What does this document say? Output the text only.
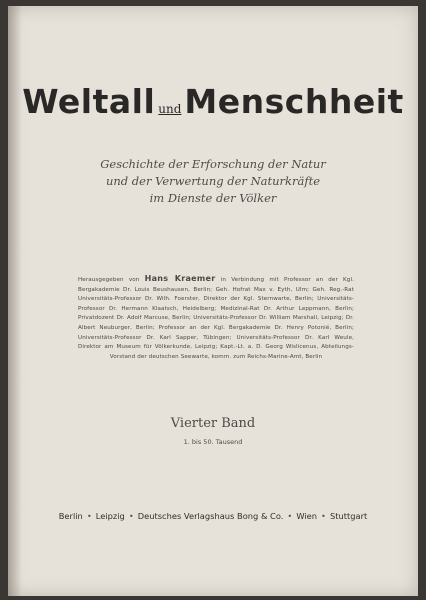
Weltall undMenschheit
Geschichte der Erforschung der Natur
und der Verwertung der Naturkräfte
im Dienste der Völker
Herausgegeben von Hans Kraemer in Verbindung mit Professor an der Kgl. Bergakademie Dr. Louis Beushausen, Berlin; Geh. Hofrat Max v. Eyth, Ulm; Geh. Reg.-Rat Universitäts-Professor Dr. Wilh. Foerster, Direktor der Kgl. Sternwarte, Berlin; Universitäts-Professor Dr. Hermann Klaatsch, Heidelberg; Medizinal-Rat Dr. Arthur Leppmann, Berlin; Privatdozent Dr. Adolf Marcuse, Berlin; Universitäts-Professor Dr. William Marshall, Leipzig; Dr. Albert Neuburger, Berlin; Professor an der Kgl. Bergakademie Dr. Henry Potonié, Berlin; Universitäts-Professor Dr. Karl Sapper, Tübingen; Universitäts-Professor Dr. Karl Weule, Direktor am Museum für Völkerkunde, Leipzig; Kapt.-Lt. a. D. Georg Wislicenus, Abteilungs-Vorstand der deutschen Seewarte, komm. zum Reichs-Marine-Amt, Berlin
Vierter Band
1. bis 50. Tausend
Berlin • Leipzig • Deutsches Verlagshaus Bong & Co. • Wien • Stuttgart
